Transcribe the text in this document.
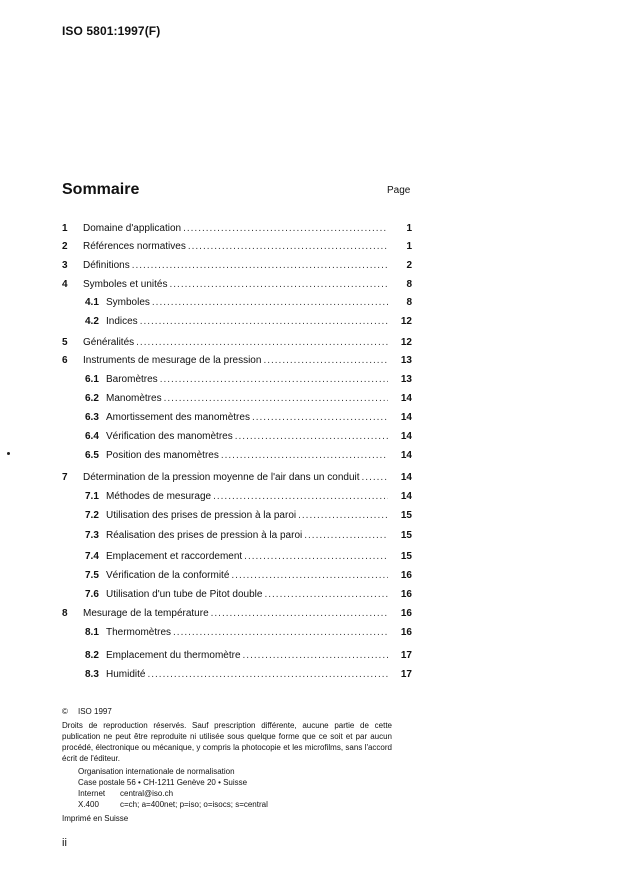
ISO 5801:1997(F)
Sommaire	Page
1 Domaine d'application .....	1
2 Références normatives .....	1
3 Définitions .....	2
4 Symboles et unités .....	8
4.1 Symboles .....	8
4.2 Indices .....	12
5 Généralités .....	12
6 Instruments de mesurage de la pression .....	13
6.1 Baromètres .....	13
6.2 Manomètres .....	14
6.3 Amortissement des manomètres .....	14
6.4 Vérification des manomètres .....	14
6.5 Position des manomètres .....	14
7 Détermination de la pression moyenne de l'air dans un conduit .....	14
7.1 Méthodes de mesurage .....	14
7.2 Utilisation des prises de pression à la paroi .....	15
7.3 Réalisation des prises de pression à la paroi .....	15
7.4 Emplacement et raccordement .....	15
7.5 Vérification de la conformité .....	16
7.6 Utilisation d'un tube de Pitot double .....	16
8 Mesurage de la température .....	16
8.1 Thermomètres .....	16
8.2 Emplacement du thermomètre .....	17
8.3 Humidité .....	17

© ISO 1997

Droits de reproduction réservés. Sauf prescription différente, aucune partie de cette publication ne peut être reproduite ni utilisée sous quelque forme que ce soit et par aucun procédé, électronique ou mécanique, y compris la photocopie et les microfilms, sans l'accord écrit de l'éditeur.

Organisation internationale de normalisation
Case postale 56 • CH-1211 Genève 20 • Suisse
Internet central@iso.ch
X.400	c=ch; a=400net; p=iso; o=isocs; s=central

Imprimé en Suisse

ii
